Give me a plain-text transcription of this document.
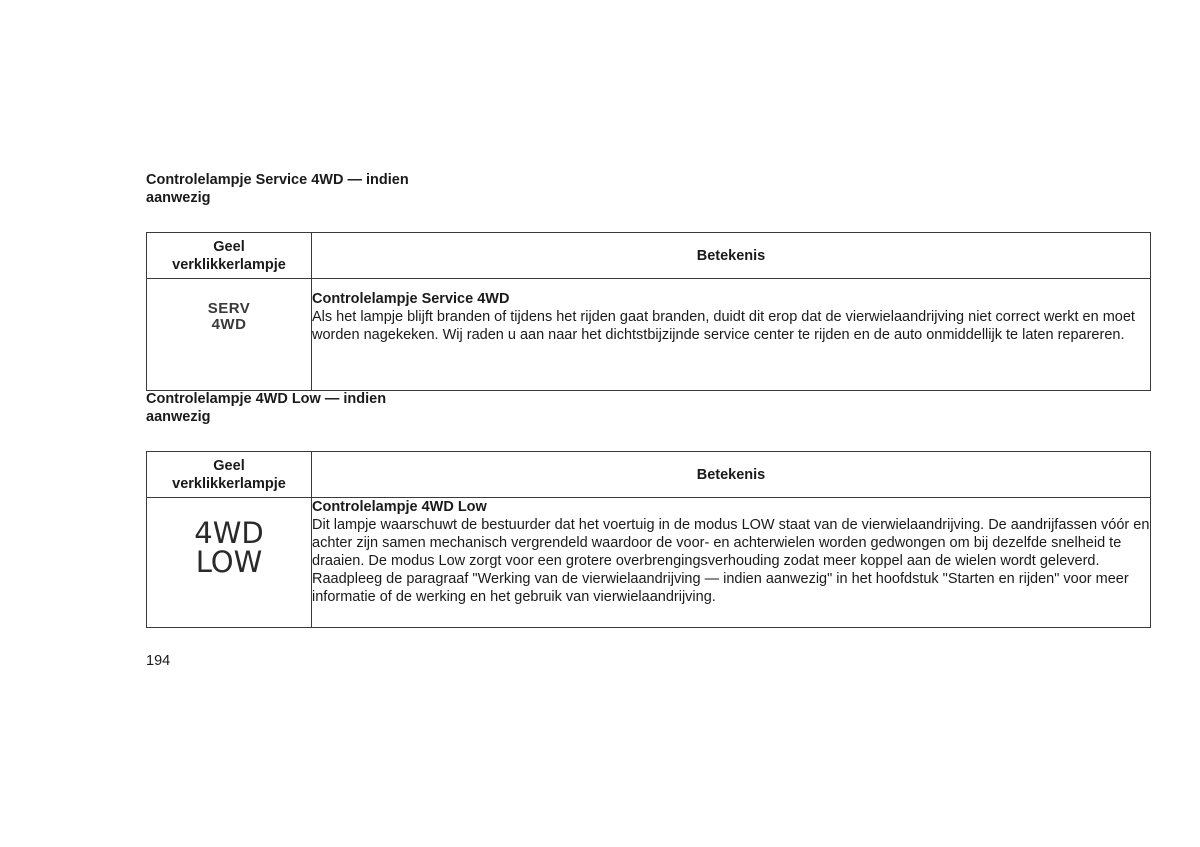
Controlelampje Service 4WD — indien
aanwezig
Geel
verklikkerlampje	Betekenis

SERV
4WD	Controlelampje Service 4WD
Als het lampje blijft branden of tijdens het rijden gaat branden, duidt dit erop dat de vierwielaandrijving niet correct werkt en moet worden nagekeken. Wij raden u aan naar het dichtstbijzijnde service center te rijden en de auto onmiddellijk te laten repareren.
Controlelampje 4WD Low — indien
aanwezig
Geel
verklikkerlampje	Betekenis

4WD
LOW	Controlelampje 4WD Low
Dit lampje waarschuwt de bestuurder dat het voertuig in de modus LOW staat van de vierwielaandrijving. De aandrijfassen vóór en achter zijn samen mechanisch vergrendeld waardoor de voor- en achterwielen worden gedwongen om bij dezelfde snelheid te draaien. De modus Low zorgt voor een grotere overbrengingsverhouding zodat meer koppel aan de wielen wordt geleverd.
Raadpleeg de paragraaf "Werking van de vierwielaandrijving — indien aanwezig" in het hoofdstuk "Starten en rijden" voor meer informatie of de werking en het gebruik van vierwielaandrijving.
194
